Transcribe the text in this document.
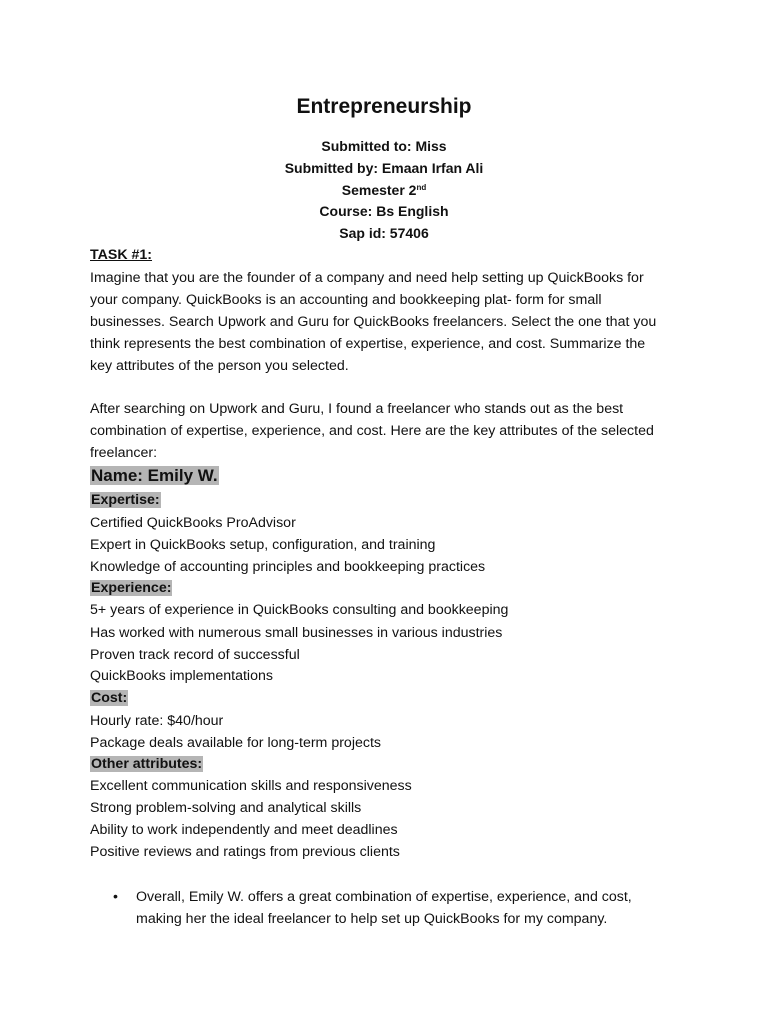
Entrepreneurship
Submitted to: Miss
Submitted by: Emaan Irfan Ali
Semester 2nd
Course: Bs English
Sap id: 57406
TASK #1:
Imagine that you are the founder of a company and need help setting up QuickBooks for
your company. QuickBooks is an accounting and bookkeeping plat- form for small
businesses. Search Upwork and Guru for QuickBooks freelancers. Select the one that you
think represents the best combination of expertise, experience, and cost. Summarize the
key attributes of the person you selected.
After searching on Upwork and Guru, I found a freelancer who stands out as the best
combination of expertise, experience, and cost. Here are the key attributes of the selected
freelancer:
Name: Emily W.
Expertise:
Certified QuickBooks ProAdvisor
Expert in QuickBooks setup, configuration, and training
Knowledge of accounting principles and bookkeeping practices
Experience:
5+ years of experience in QuickBooks consulting and bookkeeping
Has worked with numerous small businesses in various industries
Proven track record of successful
QuickBooks implementations
Cost:
Hourly rate: $40/hour
Package deals available for long-term projects
Other attributes:
Excellent communication skills and responsiveness
Strong problem-solving and analytical skills
Ability to work independently and meet deadlines
Positive reviews and ratings from previous clients
• Overall, Emily W. offers a great combination of expertise, experience, and cost,
making her the ideal freelancer to help set up QuickBooks for my company.
